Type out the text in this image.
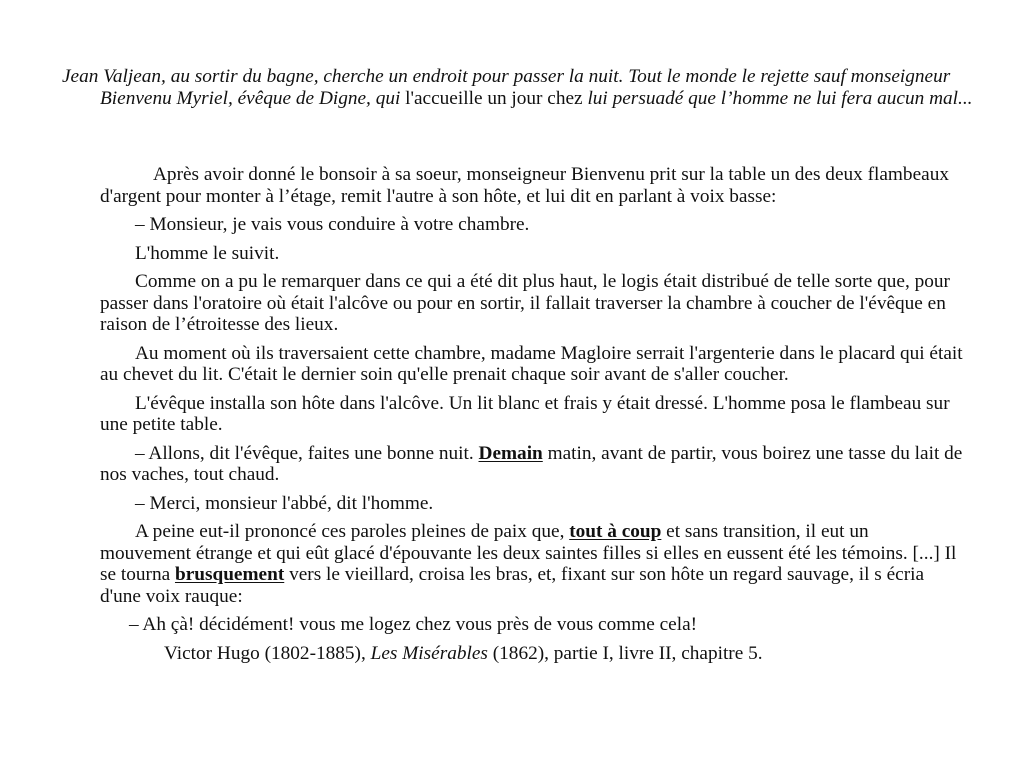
Jean Valjean, au sortir du bagne, cherche un endroit pour passer la nuit. Tout le monde le rejette sauf monseigneur Bienvenu Myriel, évêque de Digne, qui l'accueille un jour chez lui persuadé que l’homme ne lui fera aucun mal...

Après avoir donné le bonsoir à sa soeur, monseigneur Bienvenu prit sur la table un des deux flambeaux d'argent pour monter à l’étage, remit l'autre à son hôte, et lui dit en parlant à voix basse:

– Monsieur, je vais vous conduire à votre chambre.

L'homme le suivit.

Comme on a pu le remarquer dans ce qui a été dit plus haut, le logis était distribué de telle sorte que, pour passer dans l'oratoire où était l'alcôve ou pour en sortir, il fallait traverser la chambre à coucher de l'évêque en raison de l’étroitesse des lieux.

Au moment où ils traversaient cette chambre, madame Magloire serrait l'argenterie dans le placard qui était au chevet du lit. C'était le dernier soin qu'elle prenait chaque soir avant de s'aller coucher.

L'évêque installa son hôte dans l'alcôve. Un lit blanc et frais y était dressé. L'homme posa le flambeau sur une petite table.

– Allons, dit l'évêque, faites une bonne nuit. Demain matin, avant de partir, vous boirez une tasse du lait de nos vaches, tout chaud.

– Merci, monsieur l'abbé, dit l'homme.

A peine eut-il prononcé ces paroles pleines de paix que, tout à coup et sans transition, il eut un mouvement étrange et qui eût glacé d'épouvante les deux saintes filles si elles en eussent été les témoins. [...] Il se tourna brusquement vers le vieillard, croisa les bras, et, fixant sur son hôte un regard sauvage, il s écria d'une voix rauque:

– Ah çà! décidément! vous me logez chez vous près de vous comme cela!

Victor Hugo (1802-1885), Les Misérables (1862), partie I, livre II, chapitre 5.
